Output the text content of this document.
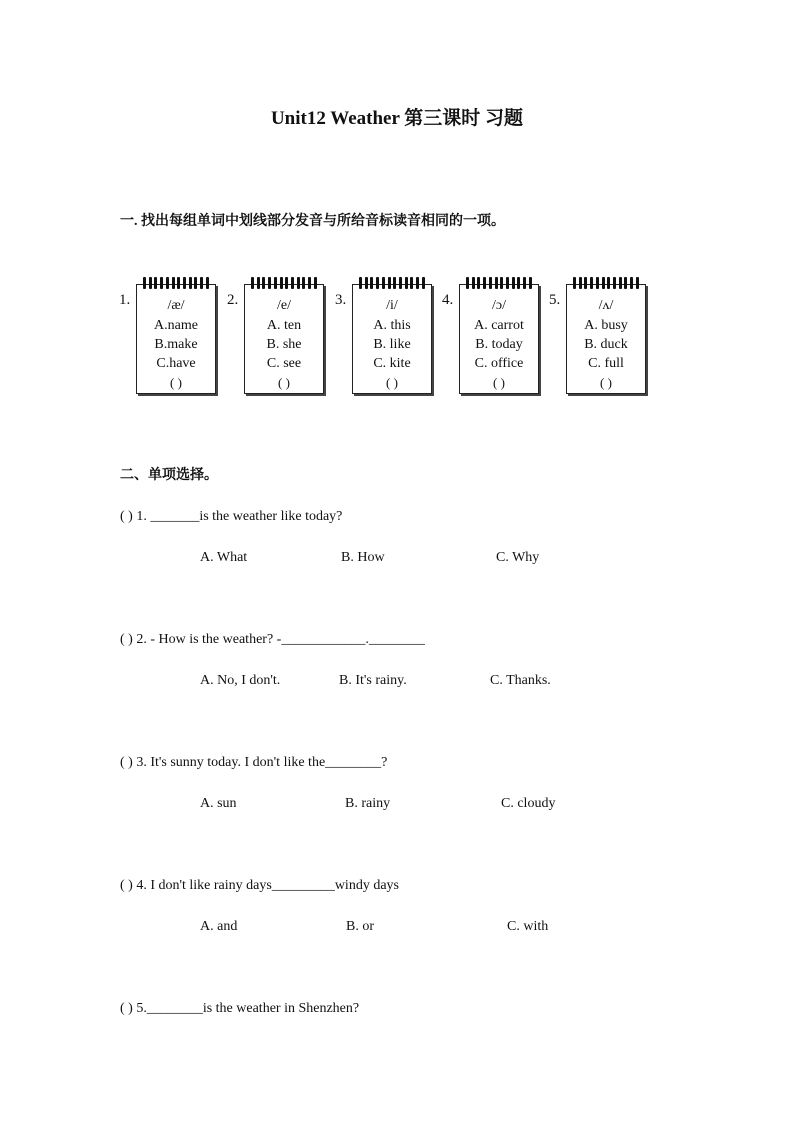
Unit12 Weather 第三课时 习题
一. 找出每组单词中划线部分发音与所给音标读音相同的一项。
1.	/æ/
A.name
B.make
C.have
( )
2.	/e/
A. ten
B. she
C. see
( )
3.	/i/
A. this
B. like
C. kite
( )
4.	/ɔ/
A. carrot
B. today
C. office
( )
5.	/ʌ/
A. busy
B. duck
C. full
( )
二、单项选择。
( ) 1. _______is the weather like today?
A. What	B. How	C. Why
( ) 2. - How is the weather? -____________.________
A. No, I don't.	B. It's rainy.	C. Thanks.
( ) 3. It's sunny today. I don't like the________?
A. sun	B. rainy	C. cloudy
( ) 4. I don't like rainy days_________windy days
A. and	B. or	C. with
( ) 5.________is the weather in Shenzhen?
